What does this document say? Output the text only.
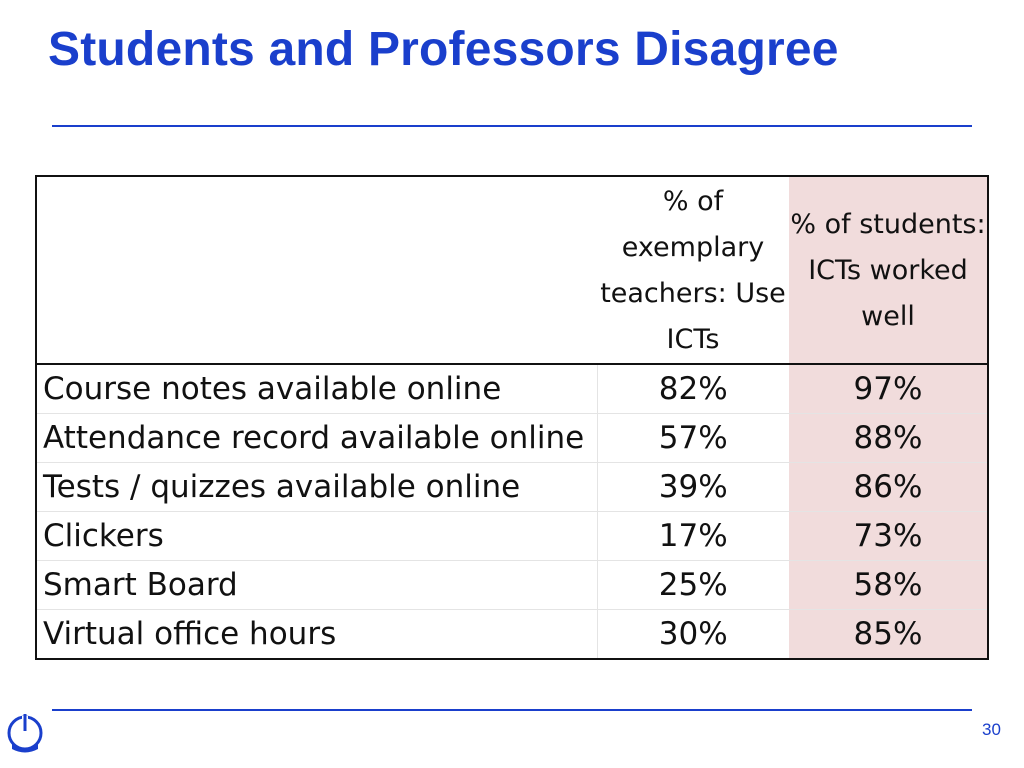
Students and Professors Disagree

	% of exemplary teachers: Use ICTs	% of students: ICTs worked well

Course notes available online	82%	97%
Attendance record available online	57%	88%
Tests / quizzes available online	39%	86%
Clickers	17%	73%
Smart Board	25%	58%
Virtual office hours	30%	85%
30
